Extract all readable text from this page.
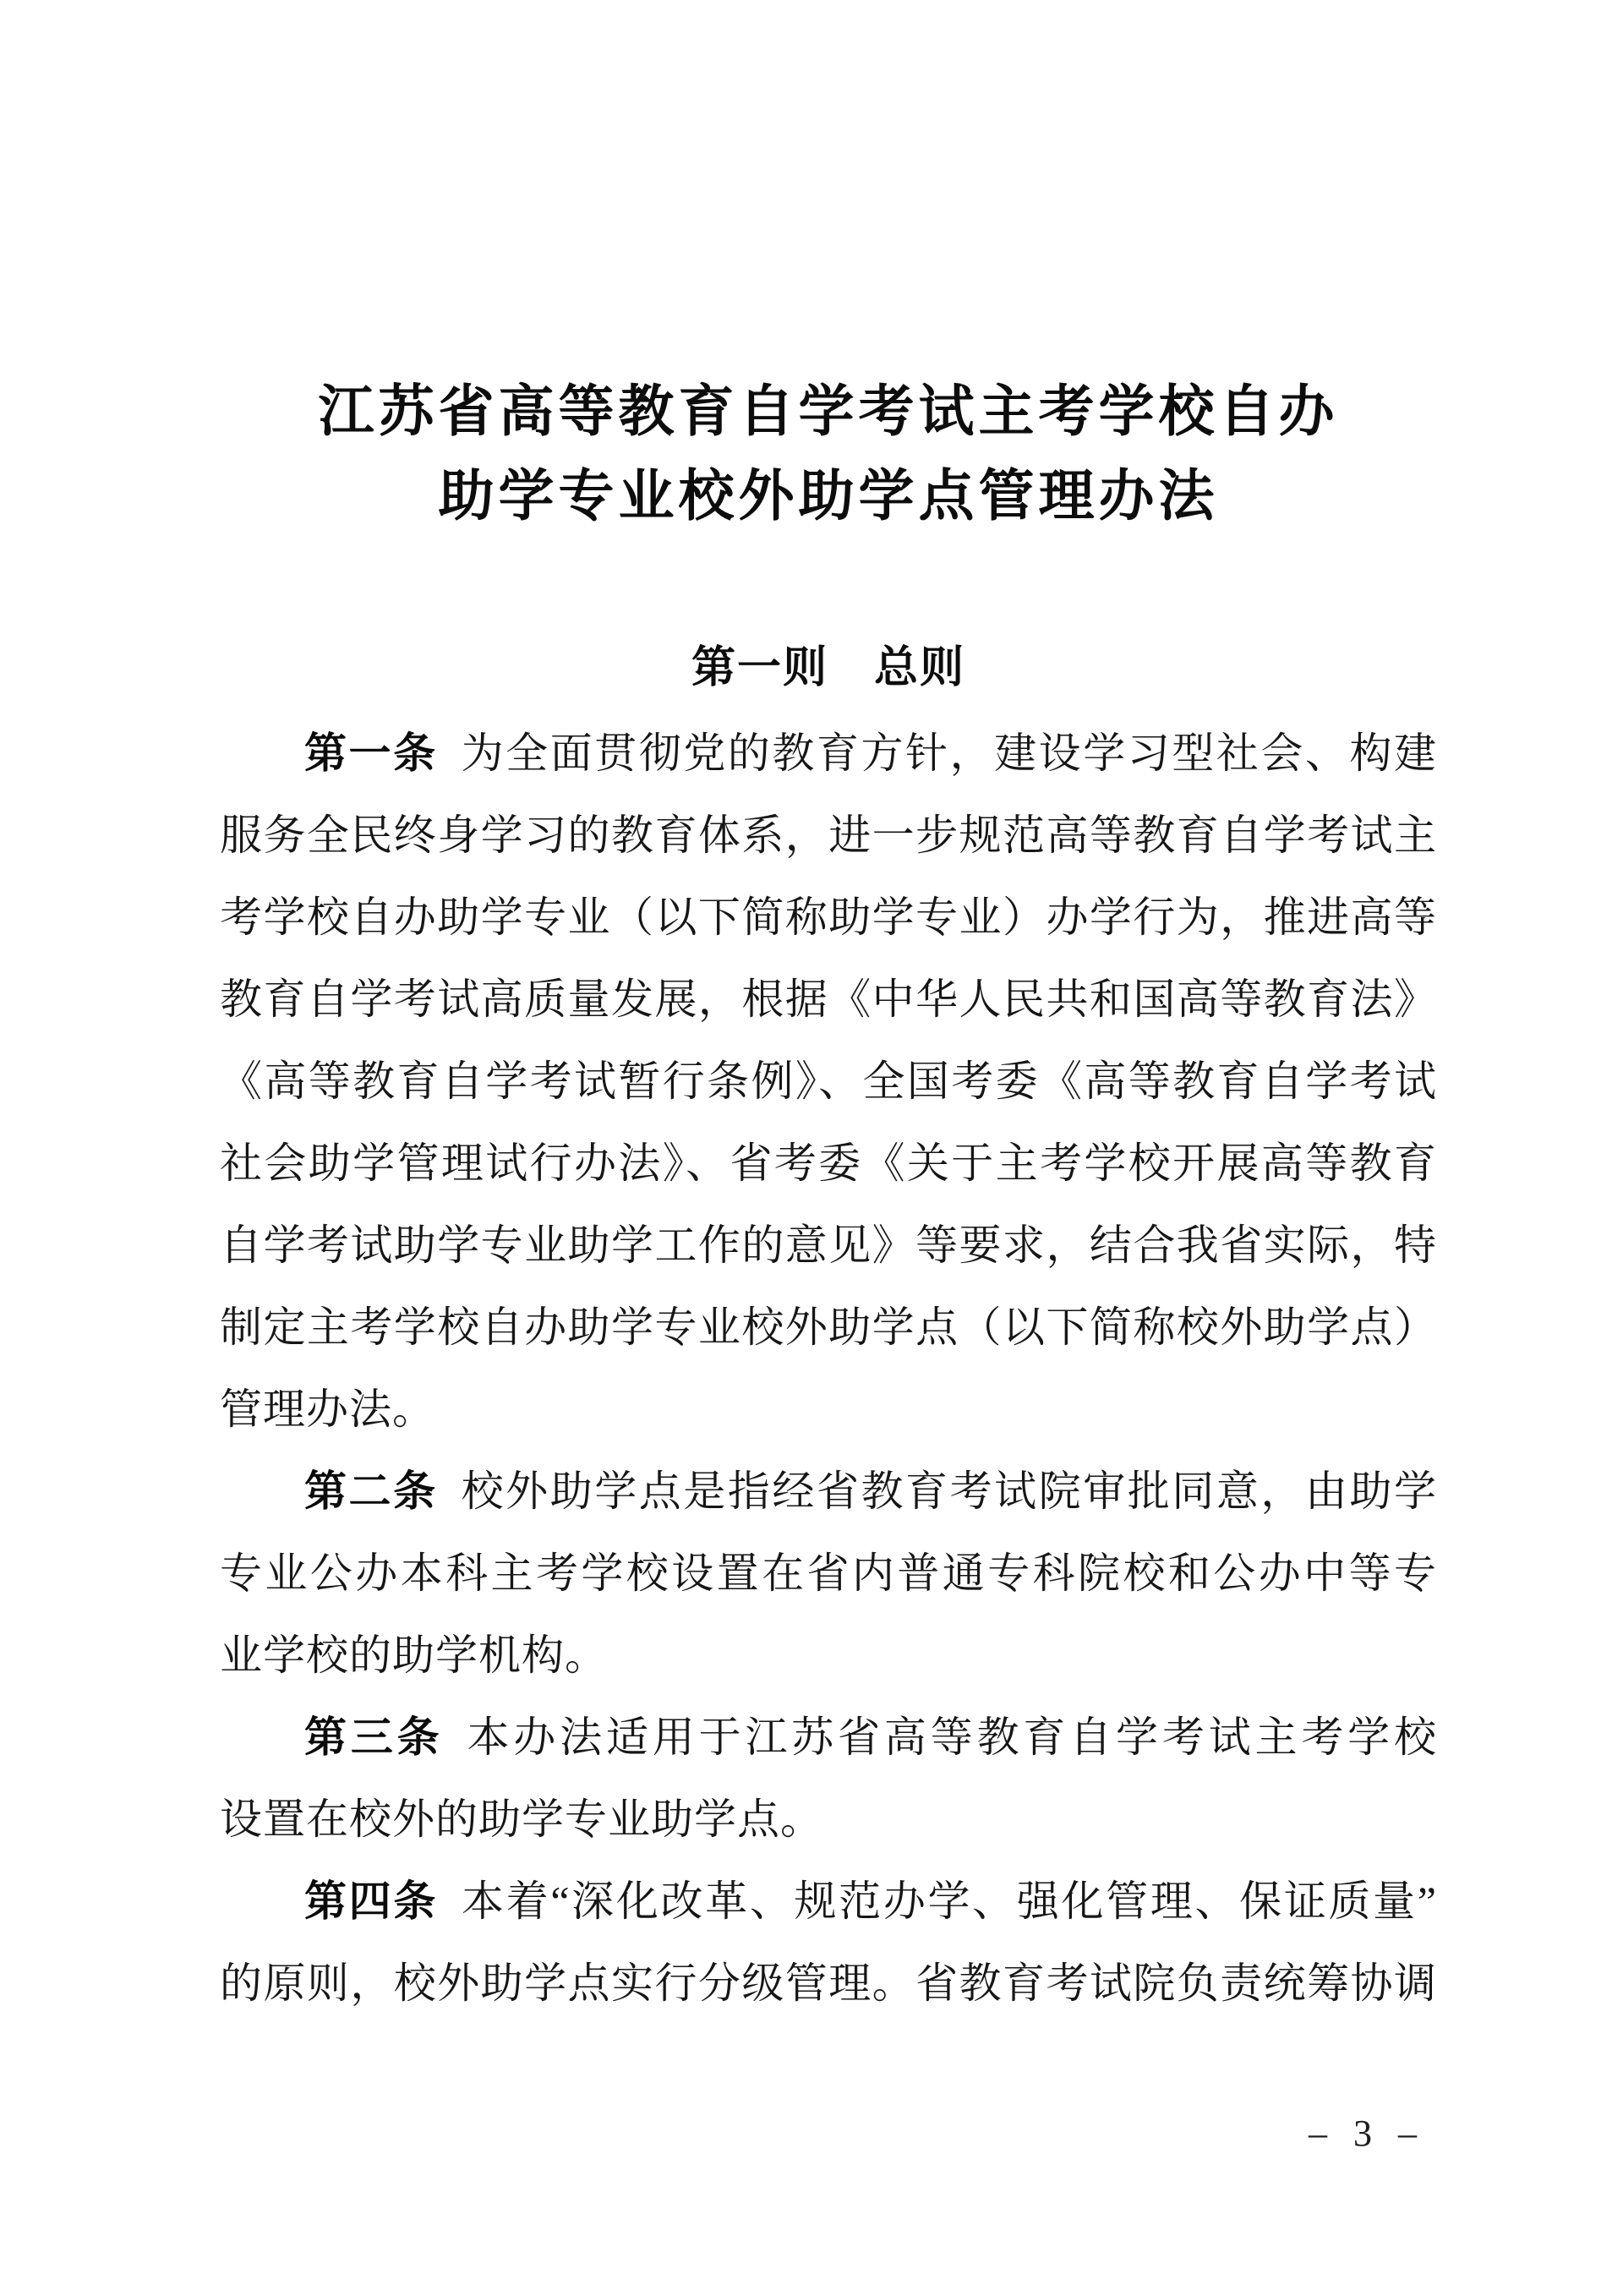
江苏省高等教育自学考试主考学校自办
助学专业校外助学点管理办法
第一则　总则
第一条 为全面贯彻党的教育方针，建设学习型社会、构建
服务全民终身学习的教育体系，进一步规范高等教育自学考试主
考学校自办助学专业（以下简称助学专业）办学行为，推进高等
教育自学考试高质量发展，根据《中华人民共和国高等教育法》
《高等教育自学考试暂行条例》、全国考委《高等教育自学考试
社会助学管理试行办法》、省考委《关于主考学校开展高等教育
自学考试助学专业助学工作的意见》等要求，结合我省实际，特
制定主考学校自办助学专业校外助学点（以下简称校外助学点）
管理办法。
第二条 校外助学点是指经省教育考试院审批同意，由助学
专业公办本科主考学校设置在省内普通专科院校和公办中等专
业学校的助学机构。
第三条 本办法适用于江苏省高等教育自学考试主考学校
设置在校外的助学专业助学点。
第四条 本着“深化改革、规范办学、强化管理、保证质量”
的原则，校外助学点实行分级管理。省教育考试院负责统筹协调
– 3 –
